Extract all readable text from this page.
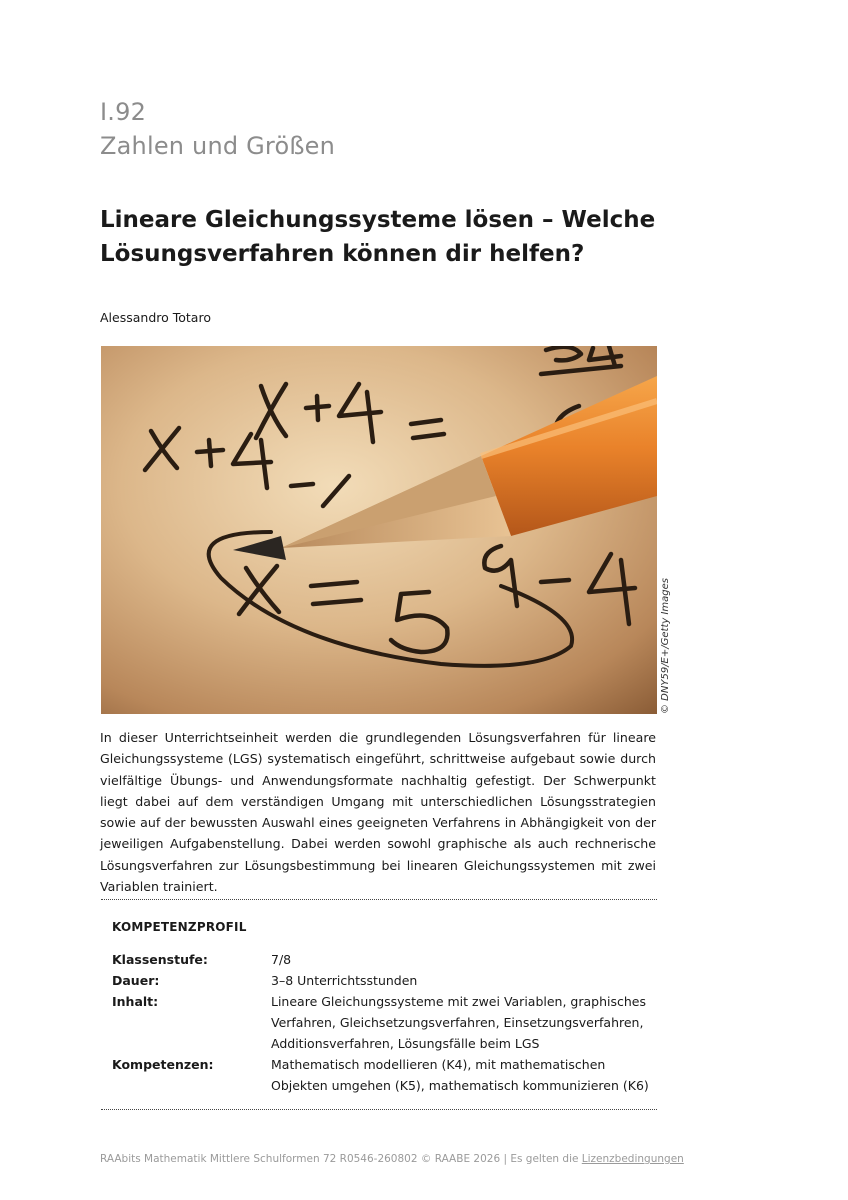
I.92
Zahlen und Größen
Lineare Gleichungssysteme lösen – Welche Lösungsverfahren können dir helfen?
Alessandro Totaro
© DNY59/E+/Getty Images

In dieser Unterrichtseinheit werden die grundlegenden Lösungsverfahren für lineare Gleichungssysteme (LGS) systematisch eingeführt, schrittweise aufgebaut sowie durch vielfältige Übungs- und Anwendungsformate nachhaltig gefestigt. Der Schwerpunkt liegt dabei auf dem verständigen Umgang mit unterschiedlichen Lösungsstrategien sowie auf der bewussten Auswahl eines geeigneten Verfahrens in Abhängigkeit von der jeweiligen Aufgabenstellung. Dabei werden sowohl graphische als auch rechnerische Lösungsverfahren zur Lösungsbestimmung bei linearen Gleichungssystemen mit zwei Variablen trainiert.

KOMPETENZPROFIL
Klassenstufe:	7/8
Dauer:	3–8 Unterrichtsstunden
Inhalt:	Lineare Gleichungssysteme mit zwei Variablen, graphisches Verfahren, Gleichsetzungsverfahren, Einsetzungsverfahren, Additionsverfahren, Lösungsfälle beim LGS
Kompetenzen:	Mathematisch modellieren (K4), mit mathematischen Objekten umgehen (K5), mathematisch kommunizieren (K6)
RAAbits Mathematik Mittlere Schulformen 72 R0546-260802 © RAABE 2026 | Es gelten die Lizenzbedingungen
